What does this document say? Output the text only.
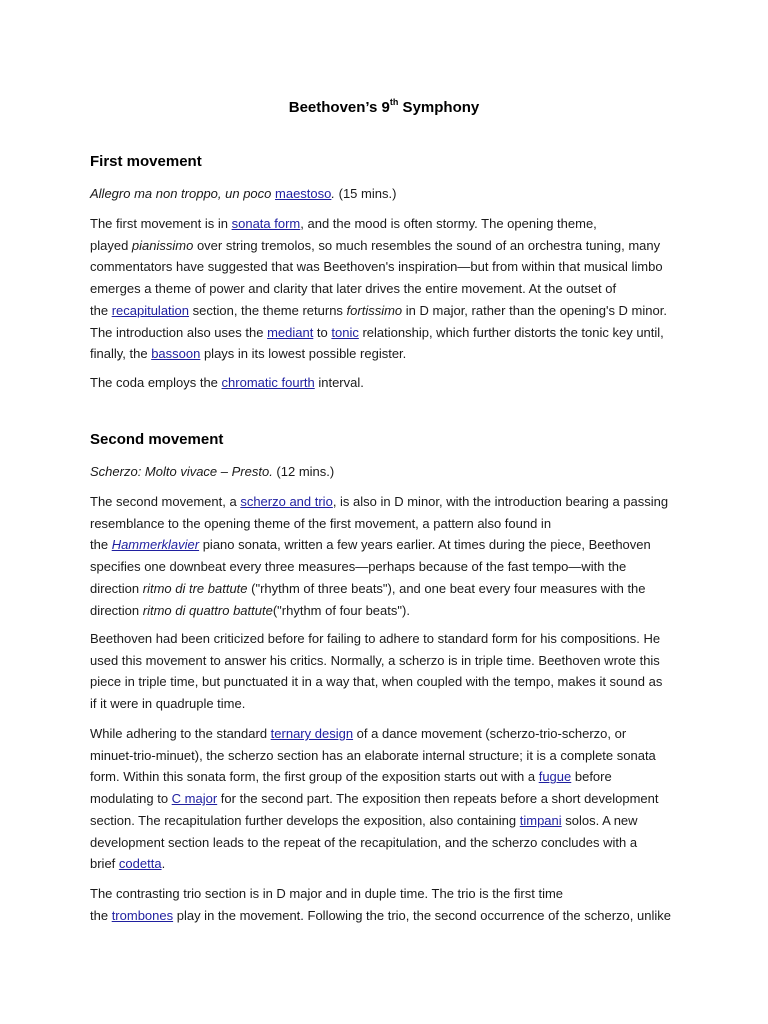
Beethoven’s 9th Symphony
First movement

Allegro ma non troppo, un poco maestoso. (15 mins.)

The first movement is in sonata form, and the mood is often stormy. The opening theme,
played pianissimo over string tremolos, so much resembles the sound of an orchestra tuning, many
commentators have suggested that was Beethoven's inspiration—but from within that musical limbo
emerges a theme of power and clarity that later drives the entire movement. At the outset of
the recapitulation section, the theme returns fortissimo in D major, rather than the opening's D minor.
The introduction also uses the mediant to tonic relationship, which further distorts the tonic key until,
finally, the bassoon plays in its lowest possible register.

The coda employs the chromatic fourth interval.

Second movement

Scherzo: Molto vivace – Presto. (12 mins.)

The second movement, a scherzo and trio, is also in D minor, with the introduction bearing a passing
resemblance to the opening theme of the first movement, a pattern also found in
the Hammerklavier piano sonata, written a few years earlier. At times during the piece, Beethoven
specifies one downbeat every three measures—perhaps because of the fast tempo—with the
direction ritmo di tre battute ("rhythm of three beats"), and one beat every four measures with the
direction ritmo di quattro battute("rhythm of four beats").

Beethoven had been criticized before for failing to adhere to standard form for his compositions. He
used this movement to answer his critics. Normally, a scherzo is in triple time. Beethoven wrote this
piece in triple time, but punctuated it in a way that, when coupled with the tempo, makes it sound as
if it were in quadruple time.

While adhering to the standard ternary design of a dance movement (scherzo-trio-scherzo, or
minuet-trio-minuet), the scherzo section has an elaborate internal structure; it is a complete sonata
form. Within this sonata form, the first group of the exposition starts out with a fugue before
modulating to C major for the second part. The exposition then repeats before a short development
section. The recapitulation further develops the exposition, also containing timpani solos. A new
development section leads to the repeat of the recapitulation, and the scherzo concludes with a
brief codetta.

The contrasting trio section is in D major and in duple time. The trio is the first time
the trombones play in the movement. Following the trio, the second occurrence of the scherzo, unlike
